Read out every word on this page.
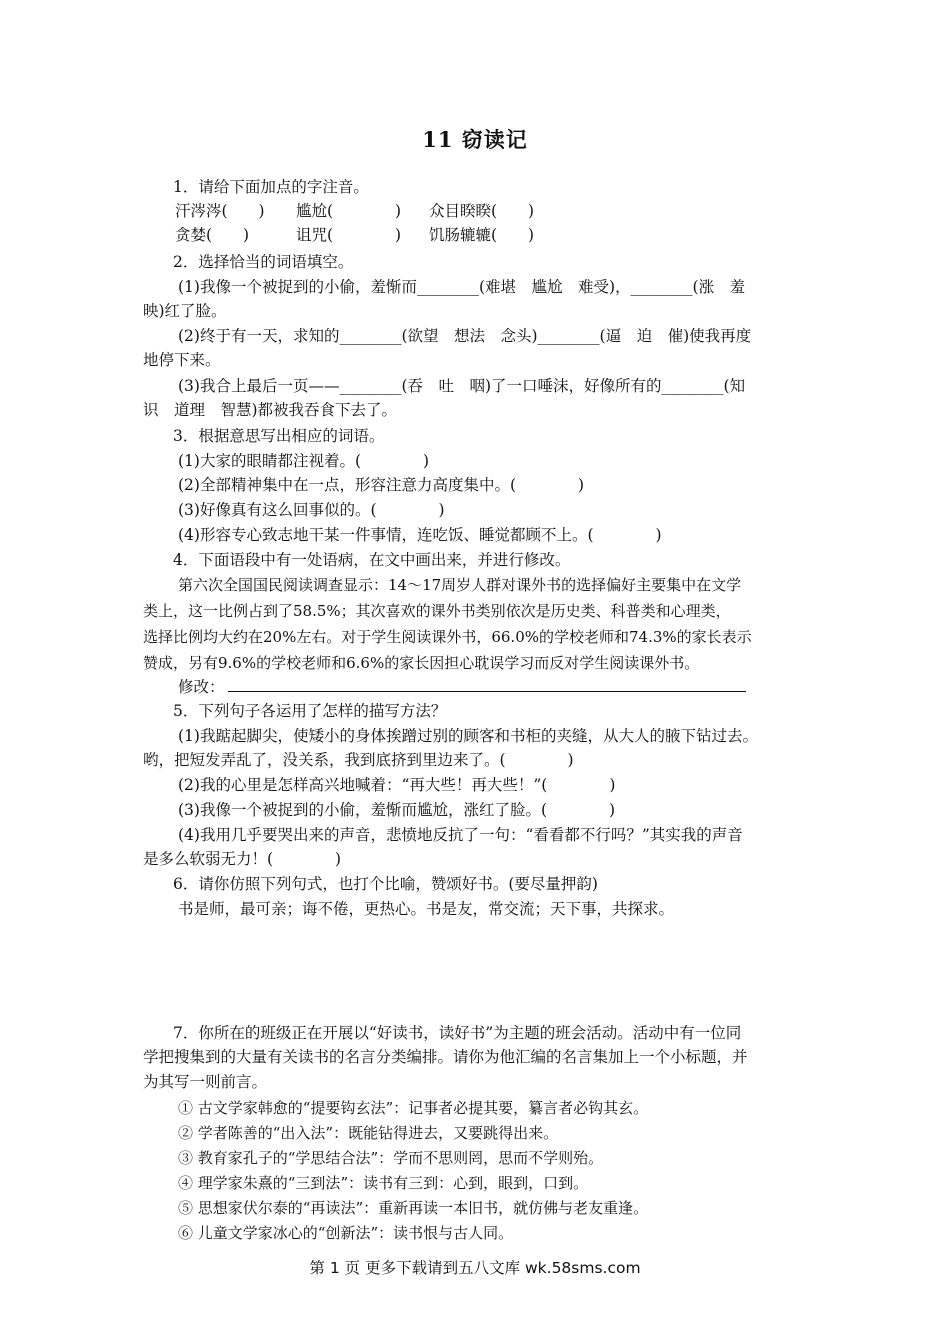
11 窃读记
1．请给下面加点的字注音。
汗涔涔(　　) 尴尬(　　　　) 众目睽睽(　　)
贪婪(　　)	诅咒(　　　　) 饥肠辘辘(　　)
2．选择恰当的词语填空。
(1)我像一个被捉到的小偷，羞惭而________(难堪　尴尬　难受)，________(涨　羞
映)红了脸。
(2)终于有一天，求知的________(欲望　想法　念头)________(逼　迫　催)使我再度
地停下来。
(3)我合上最后一页——________(吞　吐　咽)了一口唾沫，好像所有的________(知
识　道理　智慧)都被我吞食下去了。
3．根据意思写出相应的词语。
(1)大家的眼睛都注视着。(　　　　)
(2)全部精神集中在一点，形容注意力高度集中。(　　　　)
(3)好像真有这么回事似的。(　　　　)
(4)形容专心致志地干某一件事情，连吃饭、睡觉都顾不上。(　　　　)
4．下面语段中有一处语病，在文中画出来，并进行修改。
第六次全国国民阅读调查显示：14～17周岁人群对课外书的选择偏好主要集中在文学
类上，这一比例占到了58.5%；其次喜欢的课外书类别依次是历史类、科普类和心理类，
选择比例均大约在20%左右。对于学生阅读课外书，66.0%的学校老师和74.3%的家长表示
赞成，另有9.6%的学校老师和6.6%的家长因担心耽误学习而反对学生阅读课外书。
修改：
5．下列句子各运用了怎样的描写方法？
(1)我踮起脚尖，使矮小的身体挨蹭过别的顾客和书柜的夹缝，从大人的腋下钻过去。
哟，把短发弄乱了，没关系，我到底挤到里边来了。(　　　　)
(2)我的心里是怎样高兴地喊着：“再大些！再大些！”(　　　　)
(3)我像一个被捉到的小偷，羞惭而尴尬，涨红了脸。(　　　　)
(4)我用几乎要哭出来的声音，悲愤地反抗了一句：“看看都不行吗？”其实我的声音
是多么软弱无力！(　　　　)
6．请你仿照下列句式，也打个比喻，赞颂好书。(要尽量押韵)
书是师，最可亲；诲不倦，更热心。书是友，常交流；天下事，共探求。
7．你所在的班级正在开展以“好读书，读好书”为主题的班会活动。活动中有一位同
学把搜集到的大量有关读书的名言分类编排。请你为他汇编的名言集加上一个小标题，并
为其写一则前言。
① 古文学家韩愈的“提要钩玄法”：记事者必提其要，纂言者必钩其玄。
② 学者陈善的“出入法”：既能钻得进去，又要跳得出来。
③ 教育家孔子的“学思结合法”：学而不思则罔，思而不学则殆。
④ 理学家朱熹的“三到法”：读书有三到：心到，眼到，口到。
⑤ 思想家伏尔泰的“再读法”：重新再读一本旧书，就仿佛与老友重逢。
⑥ 儿童文学家冰心的“创新法”：读书恨与古人同。
第 1 页 更多下载请到五八文库 wk.58sms.com
